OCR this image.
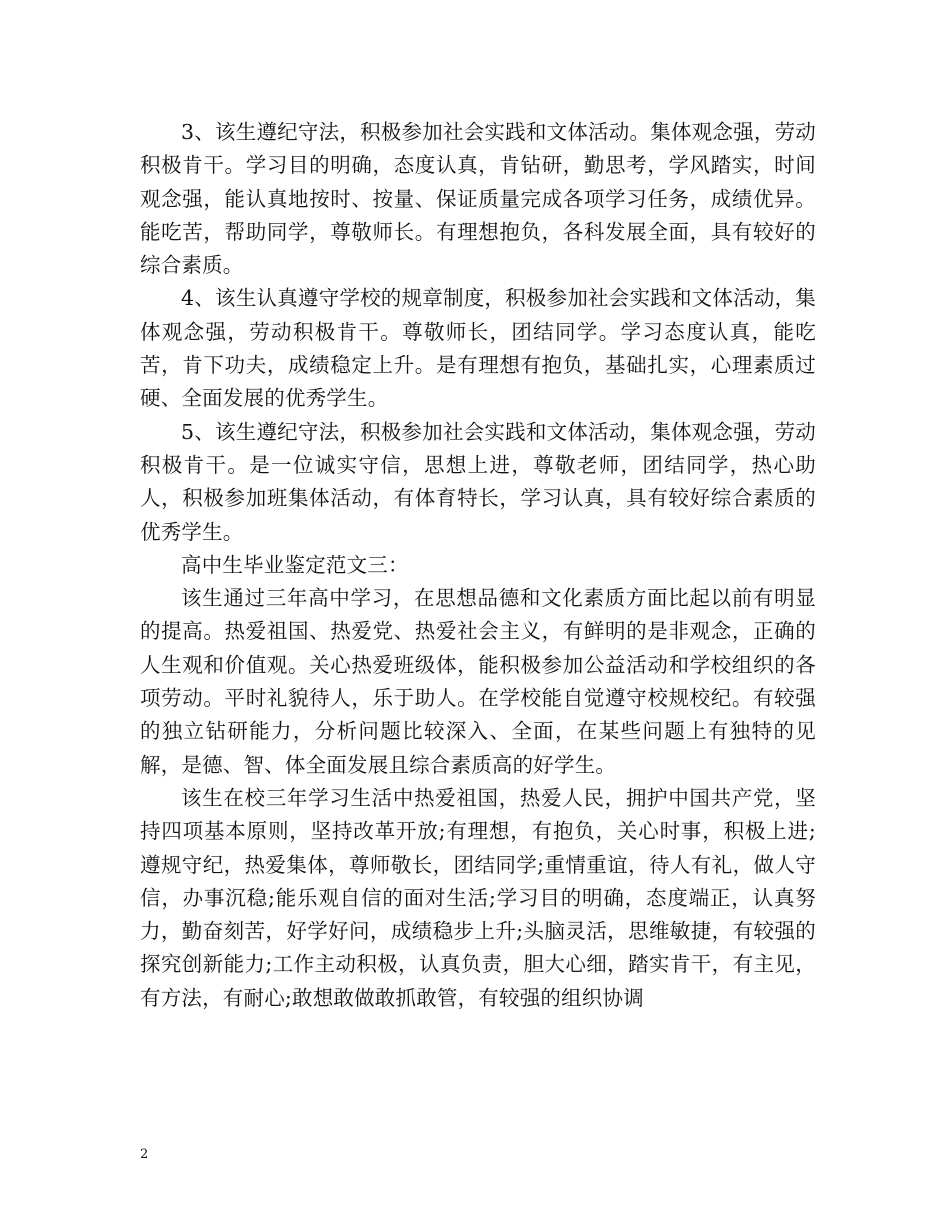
3、该生遵纪守法，积极参加社会实践和文体活动。集体观念强，劳动积极肯干。学习目的明确，态度认真，肯钻研，勤思考，学风踏实，时间观念强，能认真地按时、按量、保证质量完成各项学习任务，成绩优异。能吃苦，帮助同学，尊敬师长。有理想抱负，各科发展全面，具有较好的综合素质。

4、该生认真遵守学校的规章制度，积极参加社会实践和文体活动，集体观念强，劳动积极肯干。尊敬师长，团结同学。学习态度认真，能吃苦，肯下功夫，成绩稳定上升。是有理想有抱负，基础扎实，心理素质过硬、全面发展的优秀学生。

5、该生遵纪守法，积极参加社会实践和文体活动，集体观念强，劳动积极肯干。是一位诚实守信，思想上进，尊敬老师，团结同学，热心助人，积极参加班集体活动，有体育特长，学习认真，具有较好综合素质的优秀学生。

高中生毕业鉴定范文三：

该生通过三年高中学习，在思想品德和文化素质方面比起以前有明显的提高。热爱祖国、热爱党、热爱社会主义，有鲜明的是非观念，正确的人生观和价值观。关心热爱班级体，能积极参加公益活动和学校组织的各项劳动。平时礼貌待人，乐于助人。在学校能自觉遵守校规校纪。有较强的独立钻研能力，分析问题比较深入、全面，在某些问题上有独特的见解，是德、智、体全面发展且综合素质高的好学生。

该生在校三年学习生活中热爱祖国，热爱人民，拥护中国共产党，坚持四项基本原则，坚持改革开放;有理想，有抱负，关心时事，积极上进;遵规守纪，热爱集体，尊师敬长，团结同学;重情重谊，待人有礼，做人守信，办事沉稳;能乐观自信的面对生活;学习目的明确，态度端正，认真努力，勤奋刻苦，好学好问，成绩稳步上升;头脑灵活，思维敏捷，有较强的探究创新能力;工作主动积极，认真负责，胆大心细，踏实肯干，有主见，有方法，有耐心;敢想敢做敢抓敢管，有较强的组织协调

2
